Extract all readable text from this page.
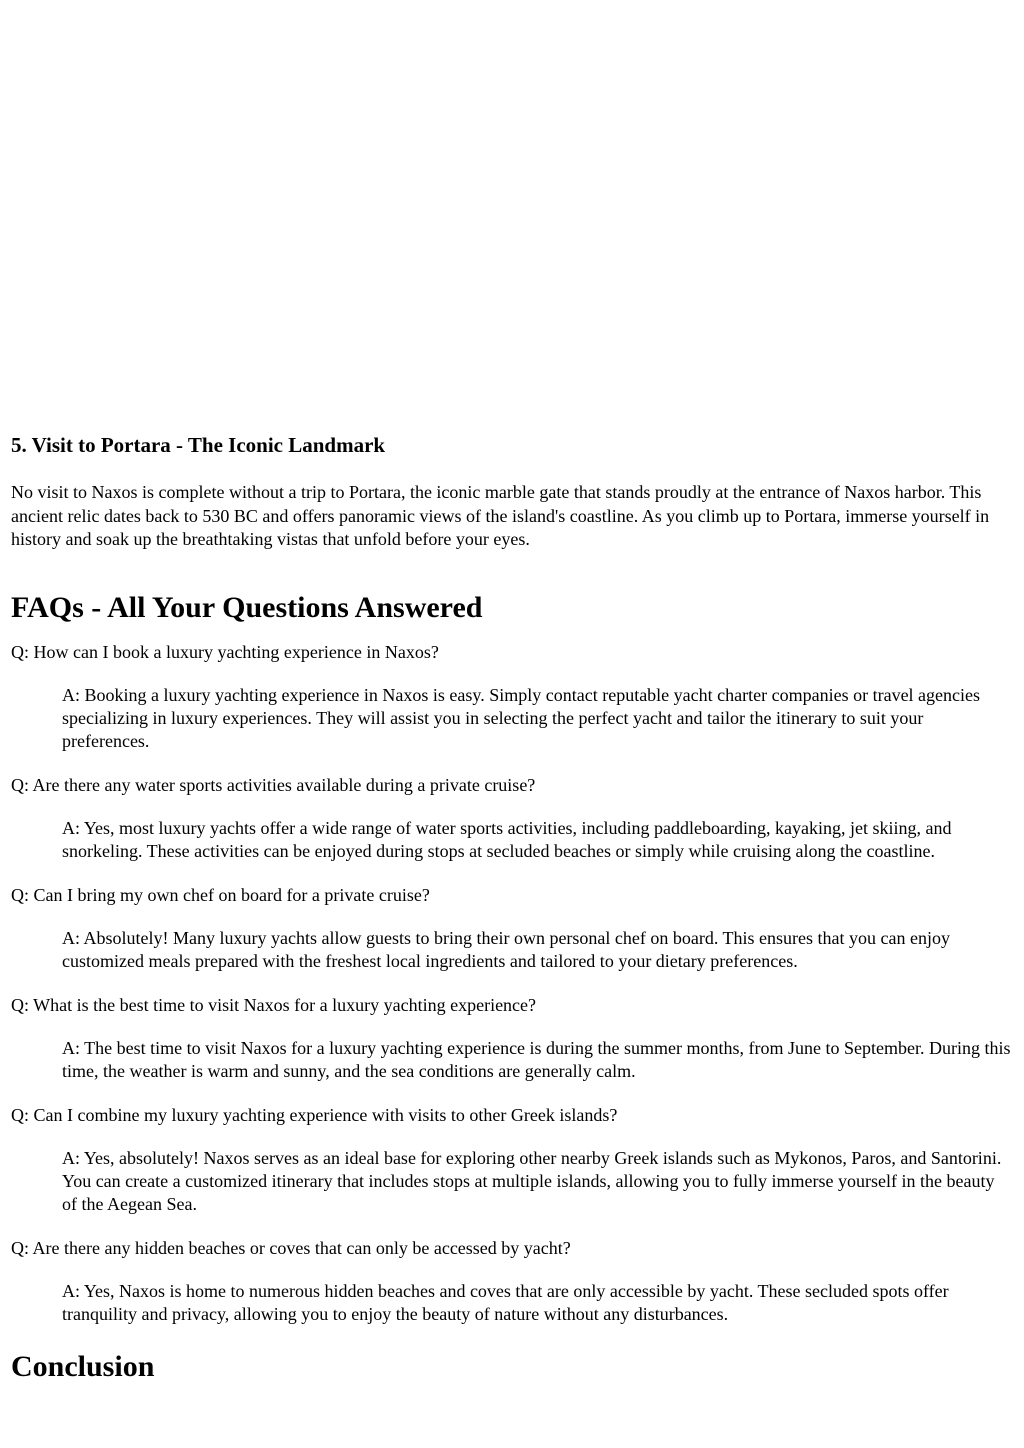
5. Visit to Portara - The Iconic Landmark

No visit to Naxos is complete without a trip to Portara, the iconic marble gate that stands proudly at the entrance of Naxos harbor. This ancient relic dates back to 530 BC and offers panoramic views of the island's coastline. As you climb up to Portara, immerse yourself in history and soak up the breathtaking vistas that unfold before your eyes.

FAQs - All Your Questions Answered

Q: How can I book a luxury yachting experience in Naxos?

A: Booking a luxury yachting experience in Naxos is easy. Simply contact reputable yacht charter companies or travel agencies specializing in luxury experiences. They will assist you in selecting the perfect yacht and tailor the itinerary to suit your preferences.

Q: Are there any water sports activities available during a private cruise?

A: Yes, most luxury yachts offer a wide range of water sports activities, including paddleboarding, kayaking, jet skiing, and snorkeling. These activities can be enjoyed during stops at secluded beaches or simply while cruising along the coastline.

Q: Can I bring my own chef on board for a private cruise?

A: Absolutely! Many luxury yachts allow guests to bring their own personal chef on board. This ensures that you can enjoy customized meals prepared with the freshest local ingredients and tailored to your dietary preferences.

Q: What is the best time to visit Naxos for a luxury yachting experience?

A: The best time to visit Naxos for a luxury yachting experience is during the summer months, from June to September. During this time, the weather is warm and sunny, and the sea conditions are generally calm.

Q: Can I combine my luxury yachting experience with visits to other Greek islands?

A: Yes, absolutely! Naxos serves as an ideal base for exploring other nearby Greek islands such as Mykonos, Paros, and Santorini. You can create a customized itinerary that includes stops at multiple islands, allowing you to fully immerse yourself in the beauty of the Aegean Sea.

Q: Are there any hidden beaches or coves that can only be accessed by yacht?

A: Yes, Naxos is home to numerous hidden beaches and coves that are only accessible by yacht. These secluded spots offer tranquility and privacy, allowing you to enjoy the beauty of nature without any disturbances.

Conclusion
